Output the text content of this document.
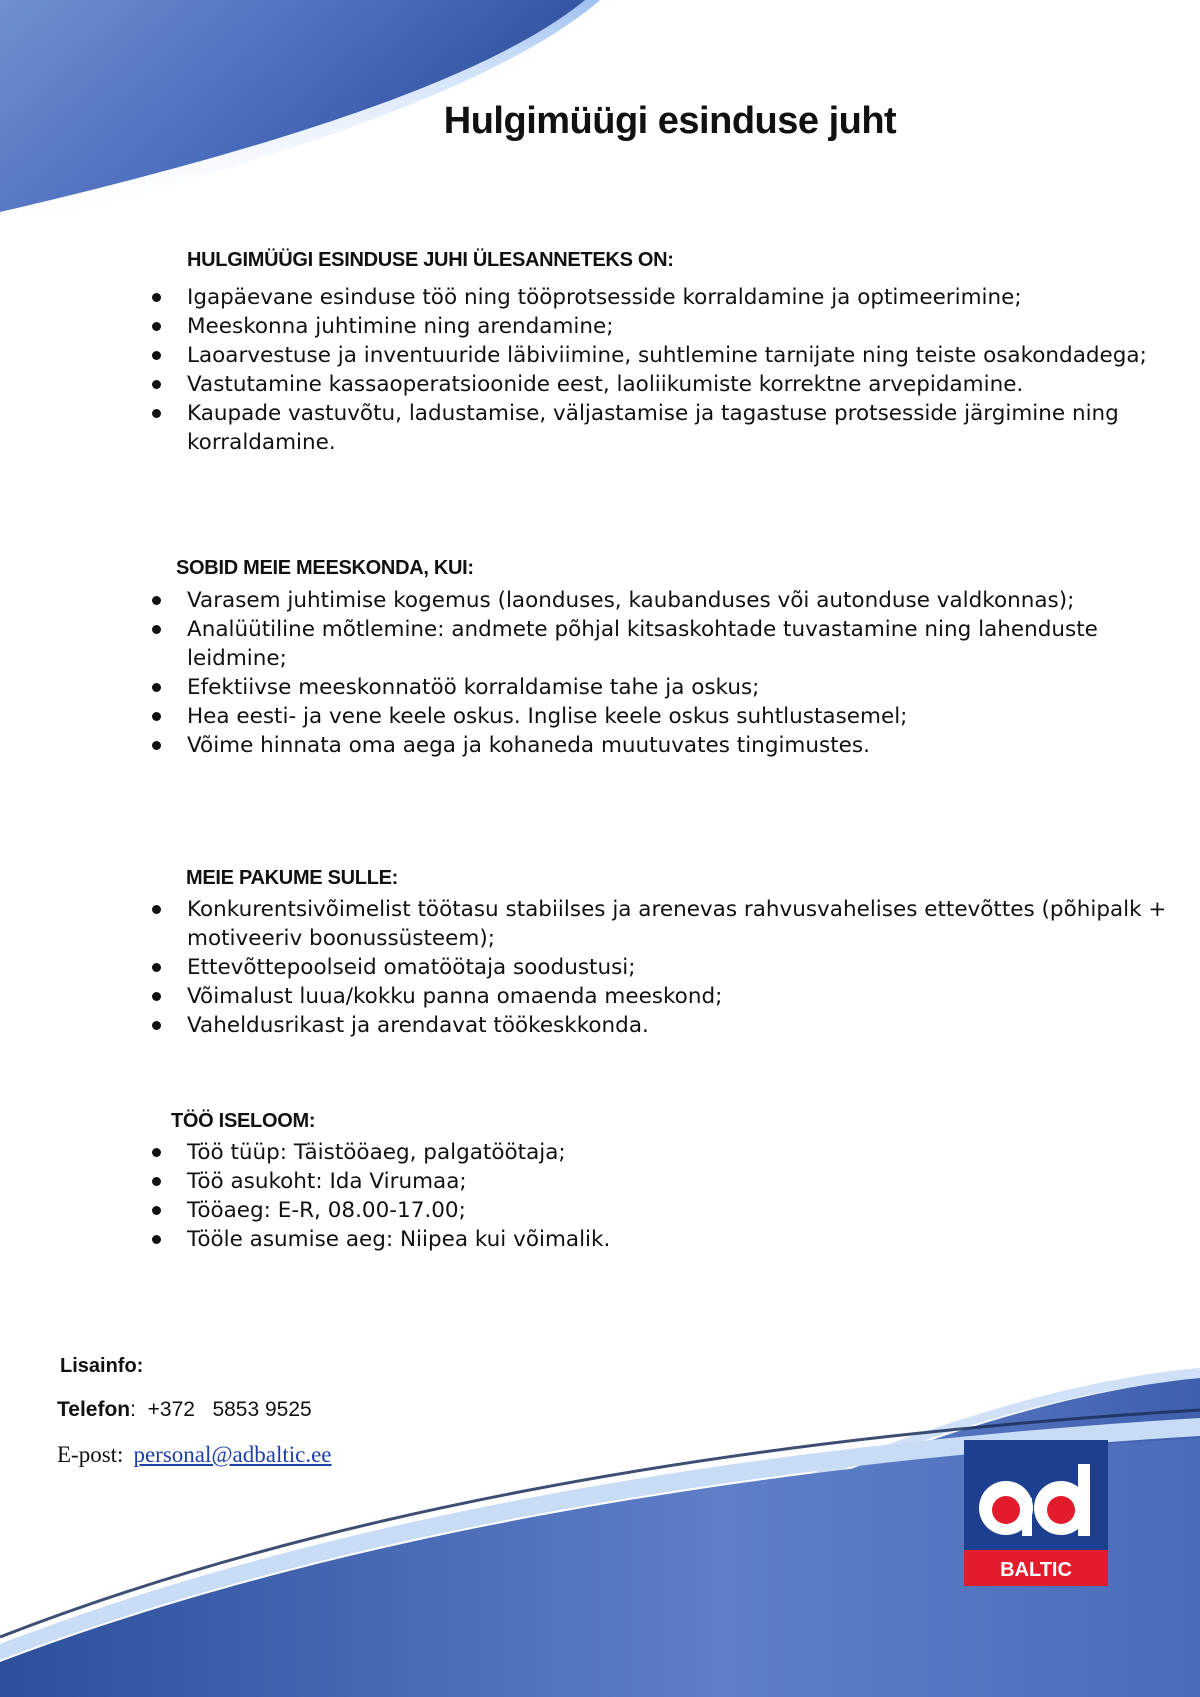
Hulgimüügi esinduse juht
HULGIMÜÜGI ESINDUSE JUHI ÜLESANNETEKS ON:
Igapäevane esinduse töö ning tööprotsesside korraldamine ja optimeerimine;
Meeskonna juhtimine ning arendamine;
Laoarvestuse ja inventuuride läbiviimine, suhtlemine tarnijate ning teiste osakondadega;
Vastutamine kassaoperatsioonide eest, laoliikumiste korrektne arvepidamine.
Kaupade vastuvõtu, ladustamise, väljastamise ja tagastuse protsesside järgimine ning korraldamine.
SOBID MEIE MEESKONDA, KUI:
Varasem juhtimise kogemus (laonduses, kaubanduses või autonduse valdkonnas);
Analüütiline mõtlemine: andmete põhjal kitsaskohtade tuvastamine ning lahenduste leidmine;
Efektiivse meeskonnatöö korraldamise tahe ja oskus;
Hea eesti- ja vene keele oskus. Inglise keele oskus suhtlustasemel;
Võime hinnata oma aega ja kohaneda muutuvates tingimustes.
MEIE PAKUME SULLE:
Konkurentsivõimelist töötasu stabiilses ja arenevas rahvusvahelises ettevõttes (põhipalk + motiveeriv boonussüsteem);
Ettevõttepoolseid omatöötaja soodustusi;
Võimalust luua/kokku panna omaenda meeskond;
Vaheldusrikast ja arendavat töökeskkonda.
TÖÖ ISELOOM:
Töö tüüp: Täistööaeg, palgatöötaja;
Töö asukoht: Ida Virumaa;
Tööaeg: E-R, 08.00-17.00;
Tööle asumise aeg: Niipea kui võimalik.
Lisainfo:
Telefon:  +372   5853 9525
E-post: personal@adbaltic.ee
ad
BALTIC
